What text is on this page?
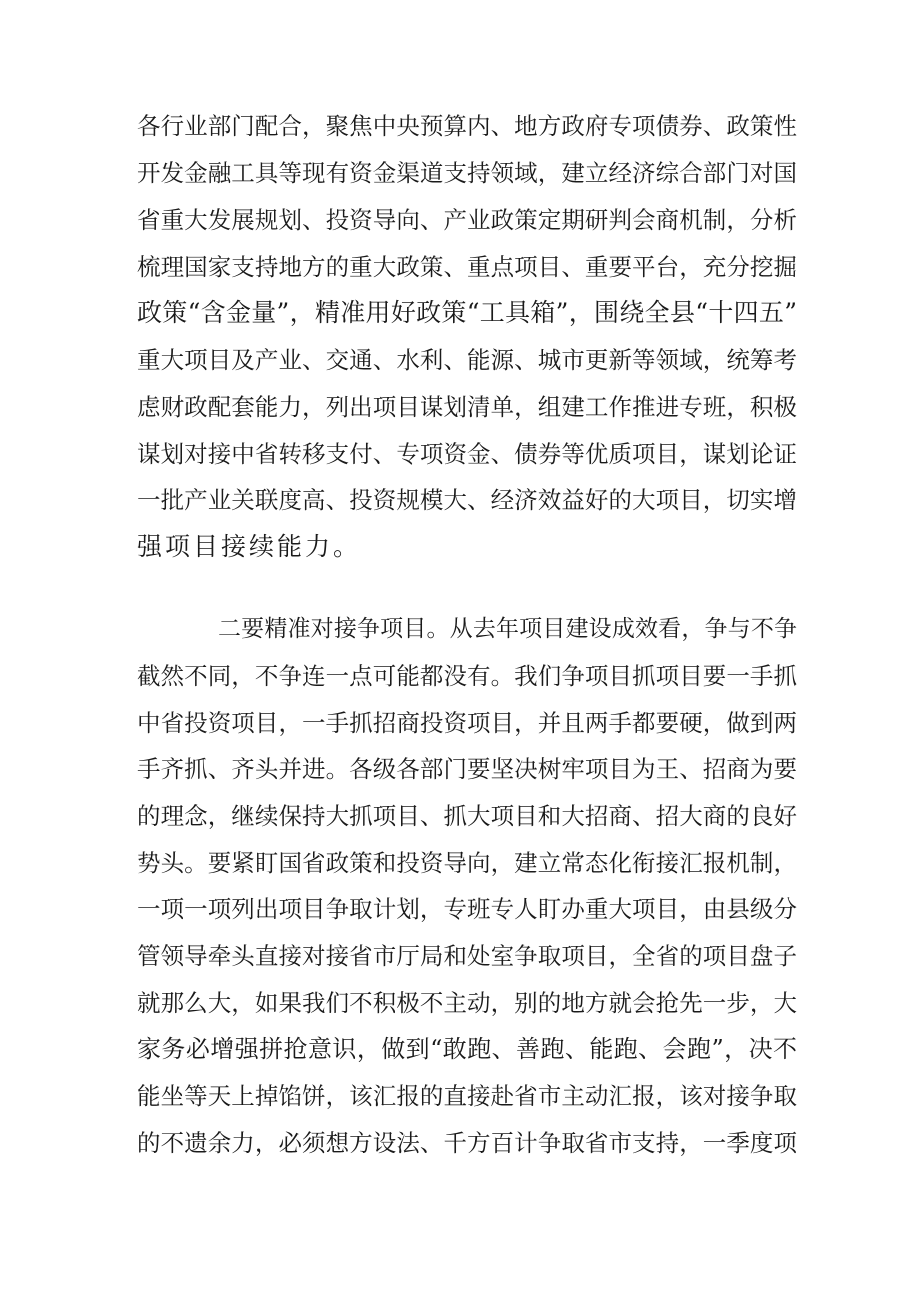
各行业部门配合，聚焦中央预算内、地方政府专项债券、政策性
开发金融工具等现有资金渠道支持领域，建立经济综合部门对国
省重大发展规划、投资导向、产业政策定期研判会商机制，分析
梳理国家支持地方的重大政策、重点项目、重要平台，充分挖掘
政策“含金量”，精准用好政策“工具箱”，围绕全县“十四五”
重大项目及产业、交通、水利、能源、城市更新等领域，统筹考
虑财政配套能力，列出项目谋划清单，组建工作推进专班，积极
谋划对接中省转移支付、专项资金、债券等优质项目，谋划论证
一批产业关联度高、投资规模大、经济效益好的大项目，切实增
强项目接续能力。
二要精准对接争项目。从去年项目建设成效看，争与不争
截然不同，不争连一点可能都没有。我们争项目抓项目要一手抓
中省投资项目，一手抓招商投资项目，并且两手都要硬，做到两
手齐抓、齐头并进。各级各部门要坚决树牢项目为王、招商为要
的理念，继续保持大抓项目、抓大项目和大招商、招大商的良好
势头。要紧盯国省政策和投资导向，建立常态化衔接汇报机制，
一项一项列出项目争取计划，专班专人盯办重大项目，由县级分
管领导牵头直接对接省市厅局和处室争取项目，全省的项目盘子
就那么大，如果我们不积极不主动，别的地方就会抢先一步，大
家务必增强拼抢意识，做到“敢跑、善跑、能跑、会跑”，决不
能坐等天上掉馅饼，该汇报的直接赴省市主动汇报，该对接争取
的不遗余力，必须想方设法、千方百计争取省市支持，一季度项
